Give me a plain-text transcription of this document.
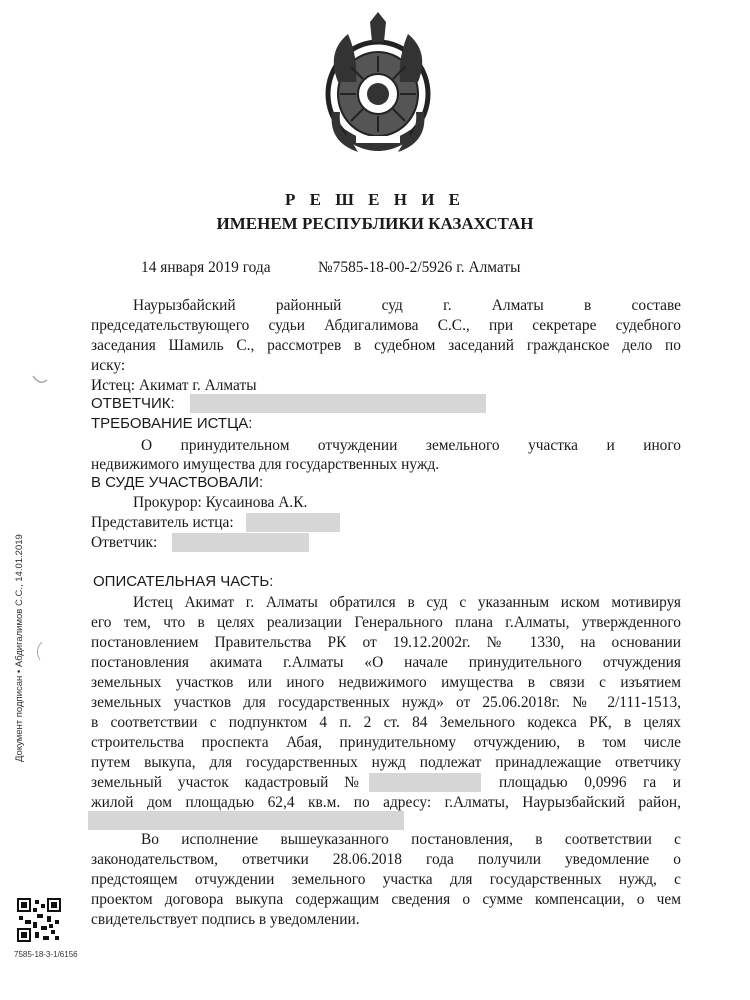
Р Е Ш Е Н И Е
ИМЕНЕМ РЕСПУБЛИКИ КАЗАХСТАН
14 января 2019 года	№7585-18-00-2/5926 г. Алматы
Наурызбайский районный суд г. Алматы в составе
председательствующего судьи Абдигалимова С.С., при секретаре судебного
заседания Шамиль С., рассмотрев в судебном заседаний гражданское дело по
иску:
Истец: Акимат г. Алматы
ОТВЕТЧИК:
ТРЕБОВАНИЕ ИСТЦА:
О принудительном отчуждении земельного участка и иного
недвижимого имущества для государственных нужд.
В СУДЕ УЧАСТВОВАЛИ:
Прокурор: Кусаинова А.К.
Представитель истца:
Ответчик:
ОПИСАТЕЛЬНАЯ ЧАСТЬ:
Истец Акимат г. Алматы обратился в суд с указанным иском мотивируя
его тем, что в целях реализации Генерального плана г.Алматы, утвержденного
постановлением Правительства РК от 19.12.2002г. № 1330, на основании
постановления акимата г.Алматы «О начале принудительного отчуждения
земельных участков или иного недвижимого имущества в связи с изъятием
земельных участков для государственных нужд» от 25.06.2018г. № 2/111-1513,
в соответствии с подпунктом 4 п. 2 ст. 84 Земельного кодекса РК, в целях
строительства проспекта Абая, принудительному отчуждению, в том числе
путем выкупа, для государственных нужд подлежат принадлежащие ответчику
земельный участок кадастровый №	площадью 0,0996 га и
жилой дом площадью 62,4 кв.м. по адресу: г.Алматы, Наурызбайский район,
Во исполнение вышеуказанного постановления, в соответствии с
законодательством, ответчики 28.06.2018 года получили уведомление о
предстоящем отчуждении земельного участка для государственных нужд, с
проектом договора выкупа содержащим сведения о сумме компенсации, о чем
свидетельствует подпись в уведомлении.
Документ подписан • Абдигалимов С.С., 14.01.2019
7585-18-3-1/6156
